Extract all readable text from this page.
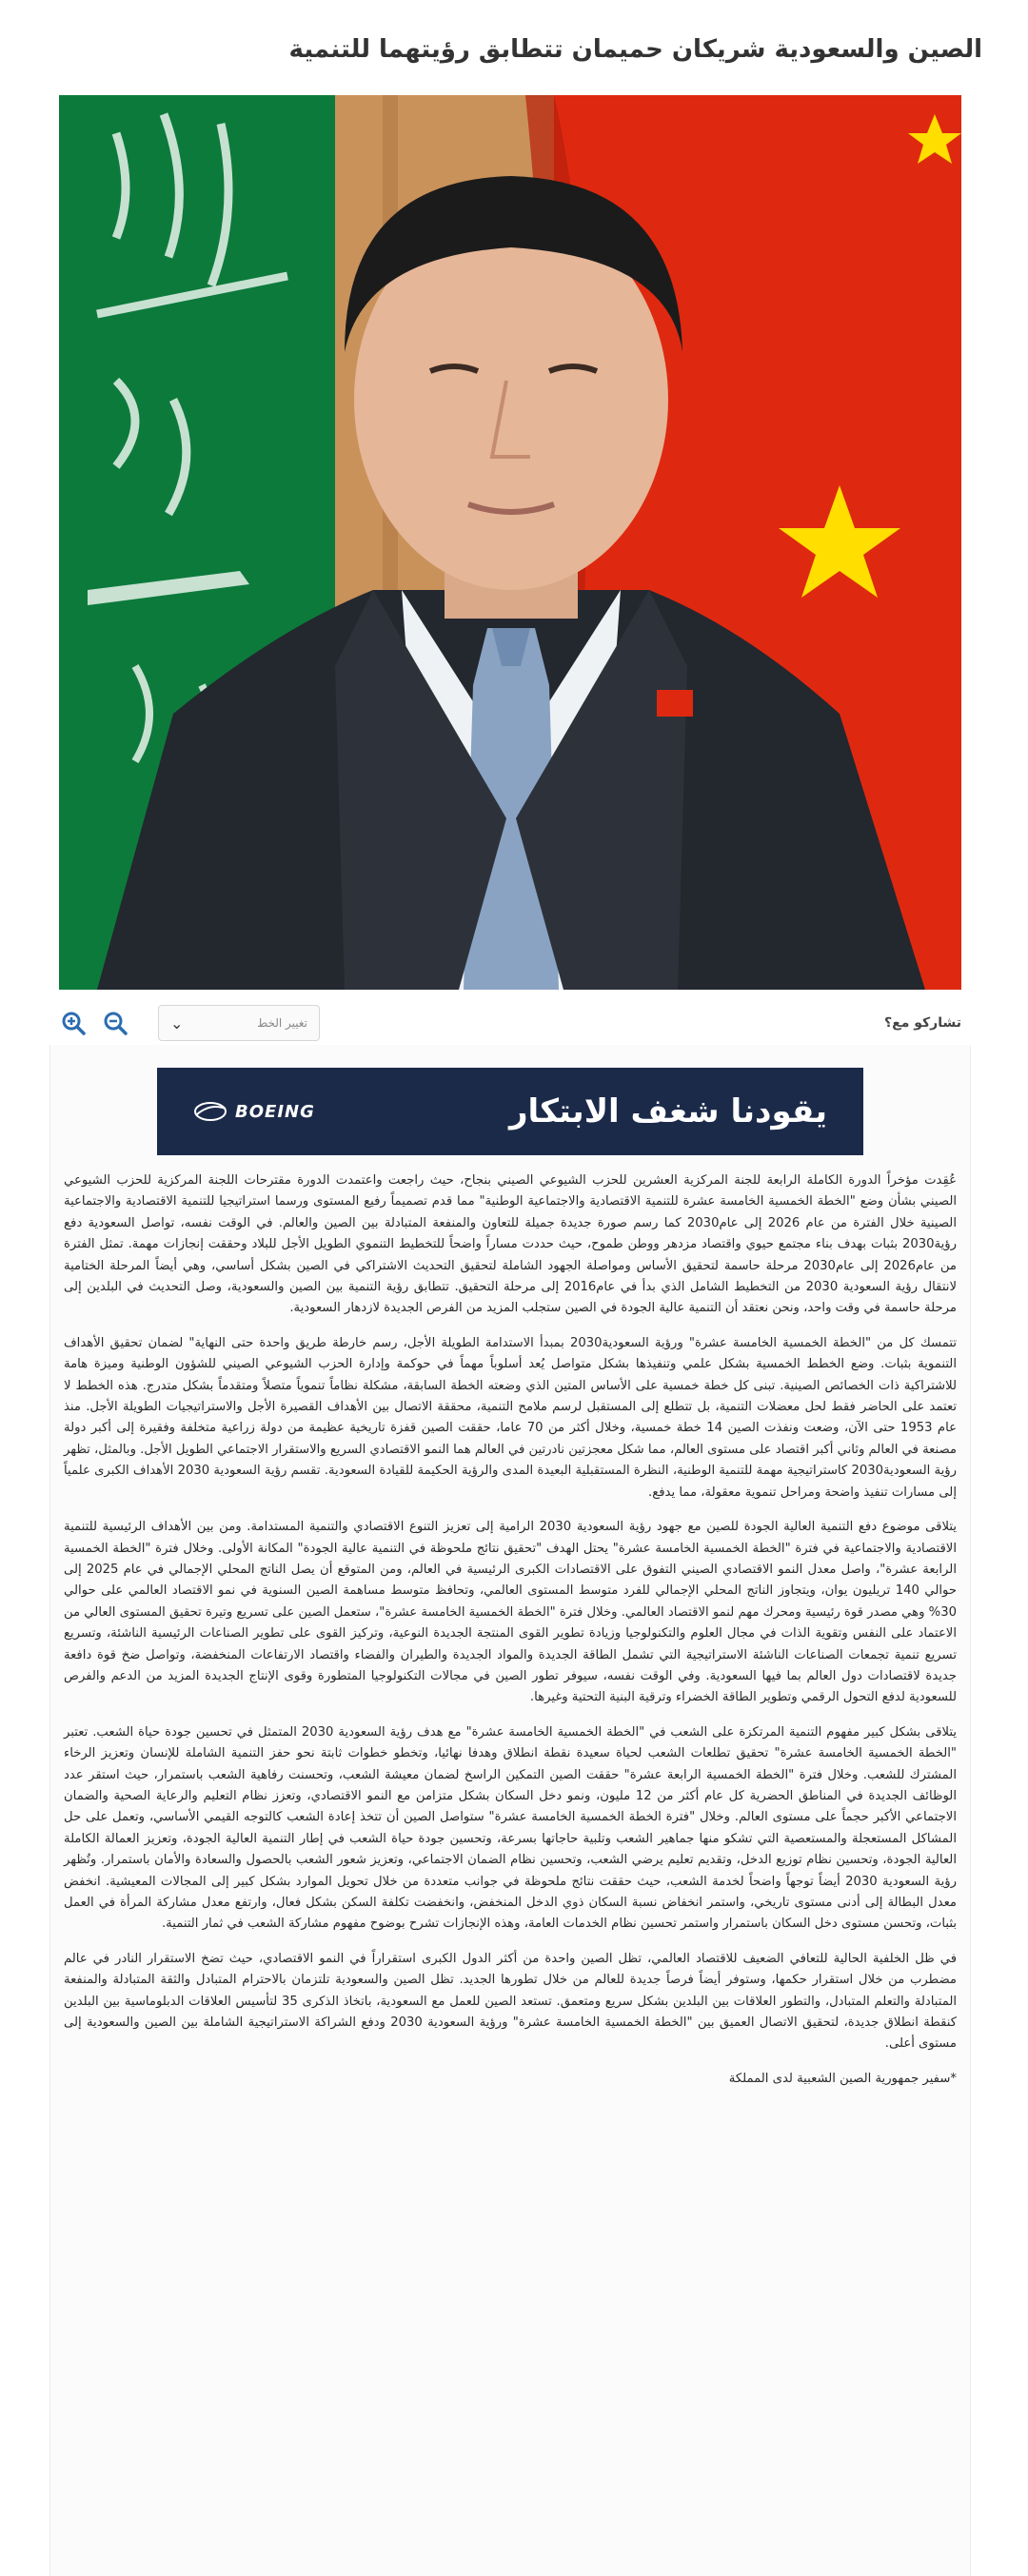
الصين والسعودية شريكان حميمان تتطابق رؤيتهما للتنمية
تشاركو مع؟
⌄	تغيير الخط
يقودنا شغف الابتكار
BOEING

عُقِدت مؤخراً الدورة الكاملة الرابعة للجنة المركزية العشرين للحزب الشيوعي الصيني بنجاح، حيث راجعت واعتمدت الدورة مقترحات اللجنة المركزية للحزب الشيوعي الصيني بشأن وضع "الخطة الخمسية الخامسة عشرة للتنمية الاقتصادية والاجتماعية الوطنية" مما قدم تصميماً رفيع المستوى ورسما استراتيجيا للتنمية الاقتصادية والاجتماعية الصينية خلال الفترة من عام 2026 إلى عام2030 كما رسم صورة جديدة جميلة للتعاون والمنفعة المتبادلة بين الصين والعالم. في الوقت نفسه، تواصل السعودية دفع رؤية2030 بثبات بهدف بناء مجتمع حيوي واقتصاد مزدهر ووطن طموح، حيث حددت مساراً واضحاً للتخطيط التنموي الطويل الأجل للبلاد وحققت إنجازات مهمة. تمثل الفترة من عام2026 إلى عام2030 مرحلة حاسمة لتحقيق الأساس ومواصلة الجهود الشاملة لتحقيق التحديث الاشتراكي في الصين بشكل أساسي، وهي أيضاً المرحلة الختامية لانتقال رؤية السعودية 2030 من التخطيط الشامل الذي بدأ في عام2016 إلى مرحلة التحقيق. تتطابق رؤية التنمية بين الصين والسعودية، وصل التحديث في البلدين إلى مرحلة حاسمة في وقت واحد، ونحن نعتقد أن التنمية عالية الجودة في الصين ستجلب المزيد من الفرص الجديدة لازدهار السعودية.

تتمسك كل من "الخطة الخمسية الخامسة عشرة" ورؤية السعودية2030 بمبدأ الاستدامة الطويلة الأجل، رسم خارطة طريق واحدة حتى النهاية" لضمان تحقيق الأهداف التنموية بثبات. وضع الخطط الخمسية بشكل علمي وتنفيذها بشكل متواصل يُعد أسلوباً مهماً في حوكمة وإدارة الحزب الشيوعي الصيني للشؤون الوطنية وميزة هامة للاشتراكية ذات الخصائص الصينية. تبنى كل خطة خمسية على الأساس المتين الذي وضعته الخطة السابقة، مشكلة نظاماً تنموياً متصلاً ومتقدماً بشكل متدرج. هذه الخطط لا تعتمد على الحاضر فقط لحل معضلات التنمية، بل تتطلع إلى المستقبل لرسم ملامح التنمية، محققة الاتصال بين الأهداف القصيرة الأجل والاستراتيجيات الطويلة الأجل. منذ عام 1953 حتى الآن، وضعت ونفذت الصين 14 خطة خمسية، وخلال أكثر من 70 عاما، حققت الصين قفزة تاريخية عظيمة من دولة زراعية متخلفة وفقيرة إلى أكبر دولة مصنعة في العالم وثاني أكبر اقتصاد على مستوى العالم، مما شكل معجزتين نادرتين في العالم هما النمو الاقتصادي السريع والاستقرار الاجتماعي الطويل الأجل. وبالمثل، تظهر رؤية السعودية2030 كاستراتيجية مهمة للتنمية الوطنية، النظرة المستقبلية البعيدة المدى والرؤية الحكيمة للقيادة السعودية. تقسم رؤية السعودية 2030 الأهداف الكبرى علمياً إلى مسارات تنفيذ واضحة ومراحل تنموية معقولة، مما يدفع.

يتلاقى موضوع دفع التنمية العالية الجودة للصين مع جهود رؤية السعودية 2030 الرامية إلى تعزيز التنوع الاقتصادي والتنمية المستدامة. ومن بين الأهداف الرئيسية للتنمية الاقتصادية والاجتماعية في فترة "الخطة الخمسية الخامسة عشرة" يحتل الهدف "تحقيق نتائج ملحوظة في التنمية عالية الجودة" المكانة الأولى. وخلال فترة "الخطة الخمسية الرابعة عشرة"، واصل معدل النمو الاقتصادي الصيني التفوق على الاقتصادات الكبرى الرئيسية في العالم، ومن المتوقع أن يصل الناتج المحلي الإجمالي في عام 2025 إلى حوالي 140 تريليون يوان، ويتجاوز الناتج المحلي الإجمالي للفرد متوسط المستوى العالمي، وتحافظ متوسط مساهمة الصين السنوية في نمو الاقتصاد العالمي على حوالي 30% وهي مصدر قوة رئيسية ومحرك مهم لنمو الاقتصاد العالمي. وخلال فترة "الخطة الخمسية الخامسة عشرة"، ستعمل الصين على تسريع وتيرة تحقيق المستوى العالي من الاعتماد على النفس وتقوية الذات في مجال العلوم والتكنولوجيا وزيادة تطوير القوى المنتجة الجديدة النوعية، وتركيز القوى على تطوير الصناعات الرئيسية الناشئة، وتسريع تسريع تنمية تجمعات الصناعات الناشئة الاستراتيجية التي تشمل الطاقة الجديدة والمواد الجديدة والطيران والفضاء واقتصاد الارتفاعات المنخفضة، وتواصل ضخ قوة دافعة جديدة لاقتصادات دول العالم بما فيها السعودية. وفي الوقت نفسه، سيوفر تطور الصين في مجالات التكنولوجيا المتطورة وقوى الإنتاج الجديدة المزيد من الدعم والفرص للسعودية لدفع التحول الرقمي وتطوير الطاقة الخضراء وترقية البنية التحتية وغيرها.

يتلاقى بشكل كبير مفهوم التنمية المرتكزة على الشعب في "الخطة الخمسية الخامسة عشرة" مع هدف رؤية السعودية 2030 المتمثل في تحسين جودة حياة الشعب. تعتبر "الخطة الخمسية الخامسة عشرة" تحقيق تطلعات الشعب لحياة سعيدة نقطة انطلاق وهدفا نهائيا، وتخطو خطوات ثابتة نحو حفز التنمية الشاملة للإنسان وتعزيز الرخاء المشترك للشعب. وخلال فترة "الخطة الخمسية الرابعة عشرة" حققت الصين التمكين الراسخ لضمان معيشة الشعب، وتحسنت رفاهية الشعب باستمرار، حيث استقر عدد الوظائف الجديدة في المناطق الحضرية كل عام أكثر من 12 مليون، ونمو دخل السكان بشكل متزامن مع النمو الاقتصادي، وتعزز نظام التعليم والرعاية الصحية والضمان الاجتماعي الأكبر حجماً على مستوى العالم. وخلال "فترة الخطة الخمسية الخامسة عشرة" ستواصل الصين أن تتخذ إعادة الشعب كالتوجه القيمي الأساسي، وتعمل على حل المشاكل المستعجلة والمستعصية التي تشكو منها جماهير الشعب وتلبية حاجاتها بسرعة، وتحسين جودة حياة الشعب في إطار التنمية العالية الجودة، وتعزيز العمالة الكاملة العالية الجودة، وتحسين نظام توزيع الدخل، وتقديم تعليم يرضي الشعب، وتحسين نظام الضمان الاجتماعي، وتعزيز شعور الشعب بالحصول والسعادة والأمان باستمرار. وتُظهر رؤية السعودية 2030 أيضاً توجهاً واضحاً لخدمة الشعب، حيث حققت نتائج ملحوظة في جوانب متعددة من خلال تحويل الموارد بشكل كبير إلى المجالات المعيشية. انخفض معدل البطالة إلى أدنى مستوى تاريخي، واستمر انخفاض نسبة السكان ذوي الدخل المنخفض، وانخفضت تكلفة السكن بشكل فعال، وارتفع معدل مشاركة المرأة في العمل بثبات، وتحسن مستوى دخل السكان باستمرار واستمر تحسين نظام الخدمات العامة، وهذه الإنجازات تشرح بوضوح مفهوم مشاركة الشعب في ثمار التنمية.

في ظل الخلفية الحالية للتعافي الضعيف للاقتصاد العالمي، تظل الصين واحدة من أكثر الدول الكبرى استقراراً في النمو الاقتصادي، حيث تضخ الاستقرار النادر في عالم مضطرب من خلال استقرار حكمها، وستوفر أيضاً فرصاً جديدة للعالم من خلال تطورها الجديد. تظل الصين والسعودية تلتزمان بالاحترام المتبادل والثقة المتبادلة والمنفعة المتبادلة والتعلم المتبادل، والتطور العلاقات بين البلدين بشكل سريع ومتعمق. تستعد الصين للعمل مع السعودية، باتخاذ الذكرى 35 لتأسيس العلاقات الدبلوماسية بين البلدين كنقطة انطلاق جديدة، لتحقيق الاتصال العميق بين "الخطة الخمسية الخامسة عشرة" ورؤية السعودية 2030 ودفع الشراكة الاستراتيجية الشاملة بين الصين والسعودية إلى مستوى أعلى.

*سفير جمهورية الصين الشعبية لدى المملكة
